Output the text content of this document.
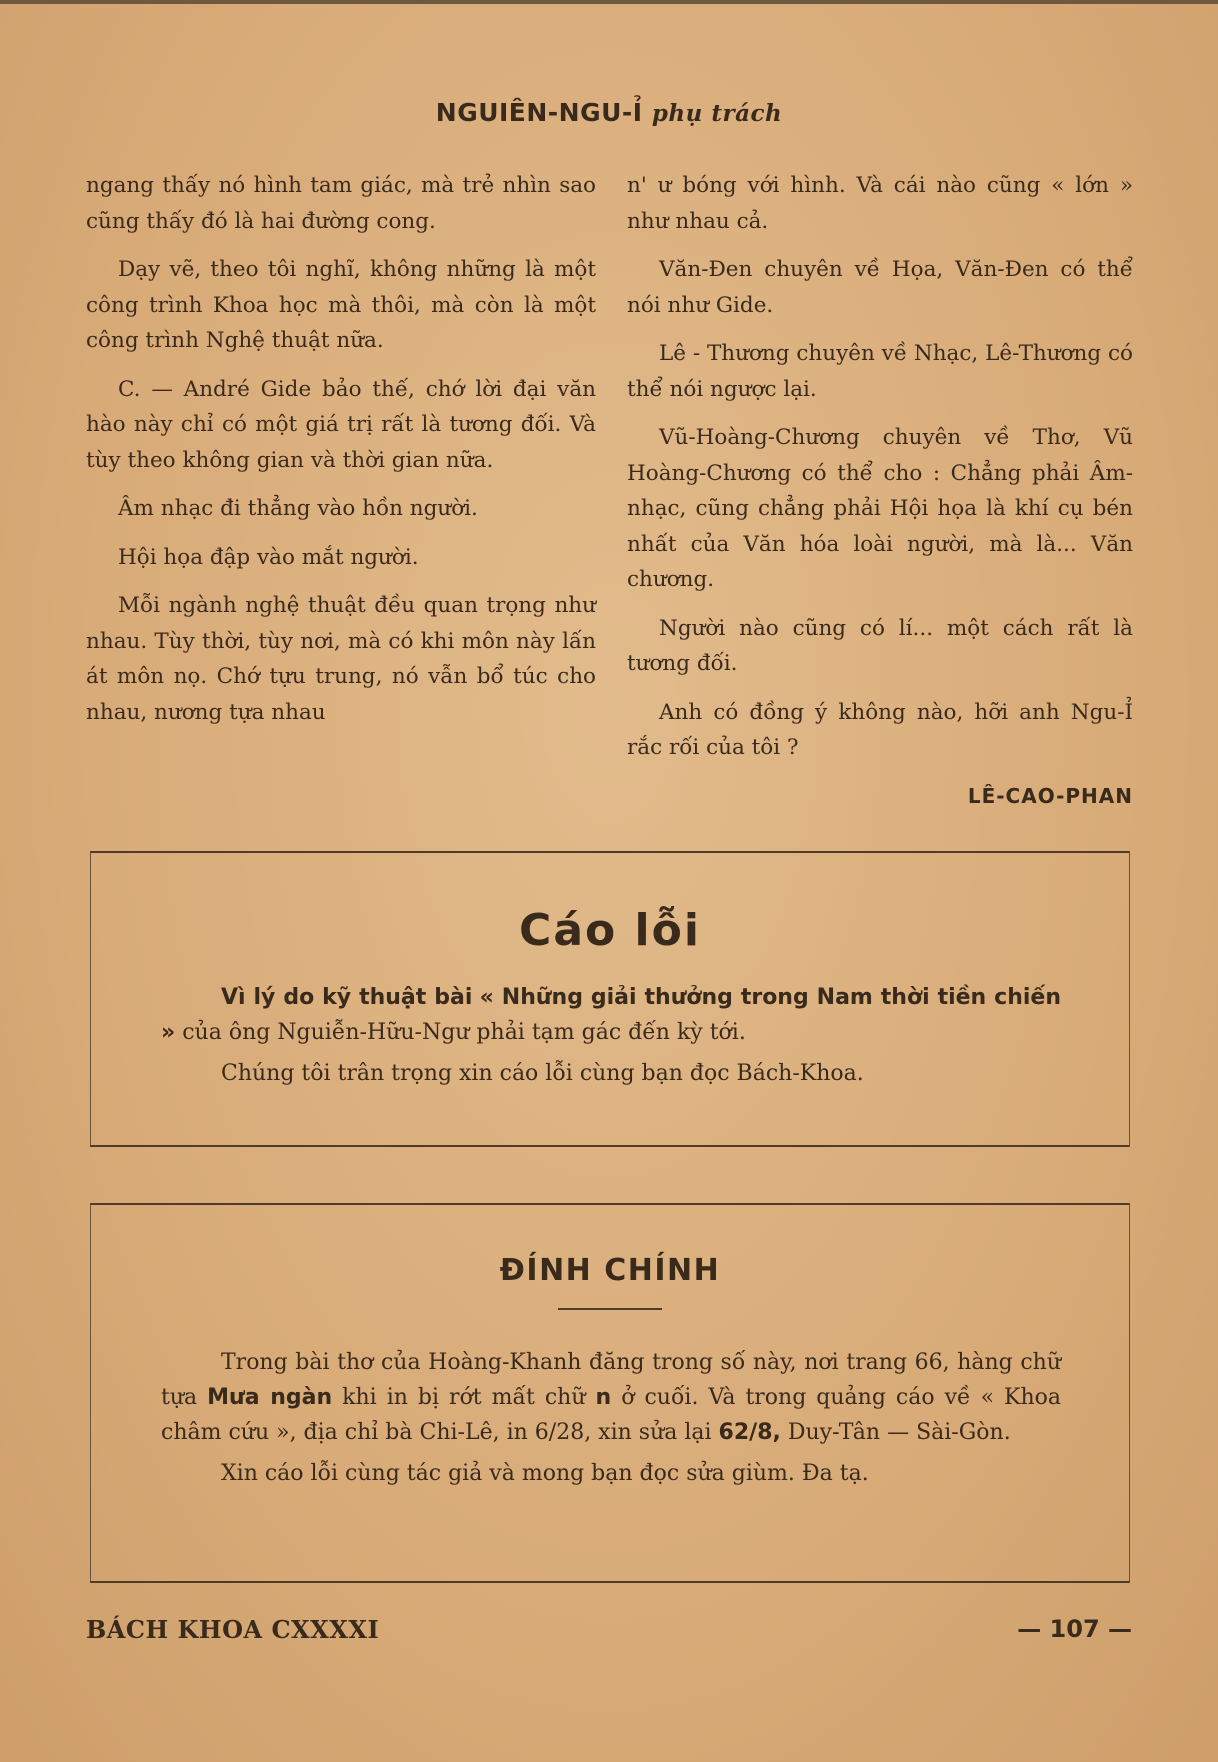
NGUIÊN-NGU-Ỉ phụ trách

ngang thấy nó hình tam giác, mà trẻ nhìn sao cũng thấy đó là hai đường cong.

Dạy vẽ, theo tôi nghĩ, không những là một công trình Khoa học mà thôi, mà còn là một công trình Nghệ thuật nữa.

C. — André Gide bảo thế, chớ lời đại văn hào này chỉ có một giá trị rất là tương đối. Và tùy theo không gian và thời gian nữa.

Âm nhạc đi thẳng vào hồn người.

Hội họa đập vào mắt người.

Mỗi ngành nghệ thuật đều quan trọng như nhau. Tùy thời, tùy nơi, mà có khi môn này lấn át môn nọ. Chớ tựu trung, nó vẫn bổ túc cho nhau, nương tựa nhau

n' ư bóng với hình. Và cái nào cũng « lớn » như nhau cả.

Văn-Đen chuyên về Họa, Văn-Đen có thể nói như Gide.

Lê - Thương chuyên về Nhạc, Lê-Thương có thể nói ngược lại.

Vũ-Hoàng-Chương chuyên về Thơ, Vũ Hoàng-Chương có thể cho : Chẳng phải Âm-nhạc, cũng chẳng phải Hội họa là khí cụ bén nhất của Văn hóa loài người, mà là... Văn chương.

Người nào cũng có lí... một cách rất là tương đối.

Anh có đồng ý không nào, hỡi anh Ngu-Ỉ rắc rối của tôi ?

LÊ-CAO-PHAN
Cáo lỗi

Vì lý do kỹ thuật bài « Những giải thưởng trong Nam thời tiền chiến » của ông Nguiễn-Hữu-Ngư phải tạm gác đến kỳ tới.

Chúng tôi trân trọng xin cáo lỗi cùng bạn đọc Bách-Khoa.

ĐÍNH CHÍNH

Trong bài thơ của Hoàng-Khanh đăng trong số này, nơi trang 66, hàng chữ tựa Mưa ngàn khi in bị rớt mất chữ n ở cuối. Và trong quảng cáo về « Khoa châm cứu », địa chỉ bà Chi-Lê, in 6/28, xin sửa lại 62/8, Duy-Tân — Sài-Gòn.

Xin cáo lỗi cùng tác giả và mong bạn đọc sửa giùm. Đa tạ.

BÁCH KHOA CXXXXI	— 107 —
